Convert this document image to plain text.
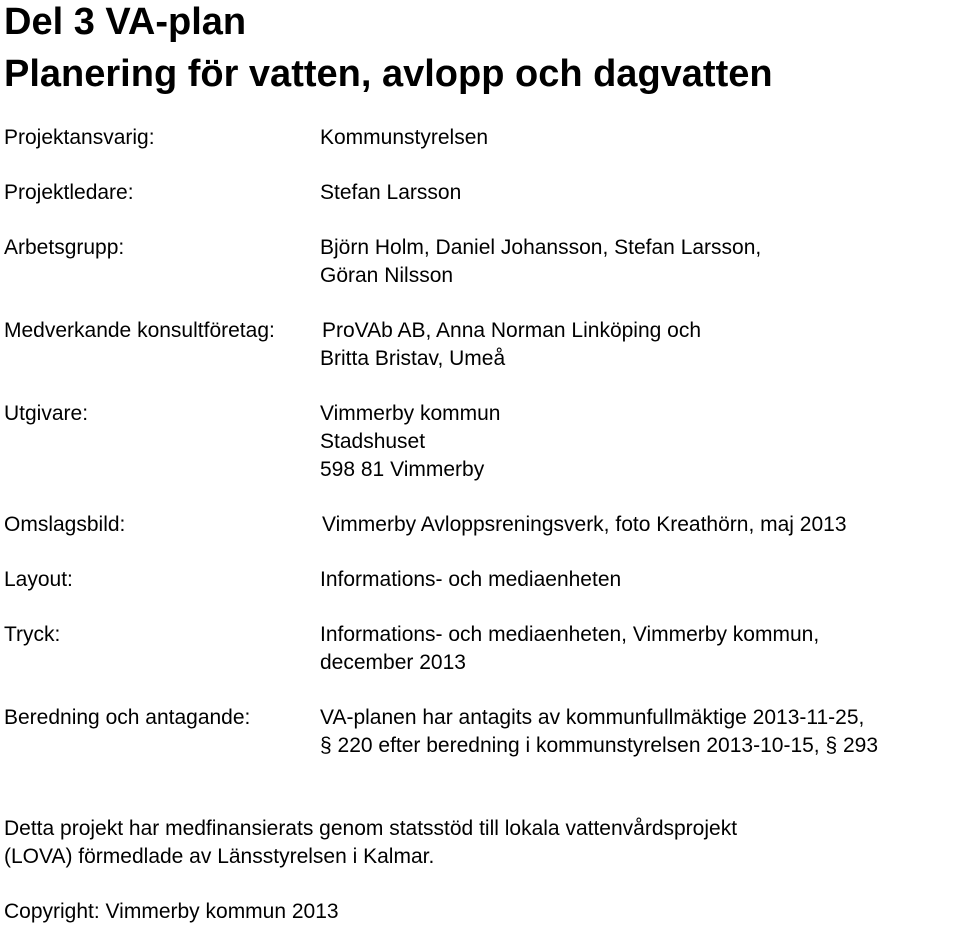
Del 3 VA-plan
Planering för vatten, avlopp och dagvatten
Projektansvarig:	Kommunstyrelsen
Projektledare:	Stefan Larsson
Arbetsgrupp:	Björn Holm, Daniel Johansson, Stefan Larsson,
Göran Nilsson
Medverkande konsultföretag: ProVAb AB, Anna Norman Linköping och
Britta Bristav, Umeå
Utgivare:	Vimmerby kommun
Stadshuset
598 81 Vimmerby
Omslagsbild:	Vimmerby Avloppsreningsverk, foto Kreathörn, maj 2013
Layout:	Informations- och mediaenheten
Tryck:	Informations- och mediaenheten, Vimmerby kommun,
december 2013
Beredning och antagande:	VA-planen har antagits av kommunfullmäktige 2013-11-25,
§ 220 efter beredning i kommunstyrelsen 2013-10-15, § 293
Detta projekt har medfinansierats genom statsstöd till lokala vattenvårdsprojekt
(LOVA) förmedlade av Länsstyrelsen i Kalmar.
Copyright: Vimmerby kommun 2013
